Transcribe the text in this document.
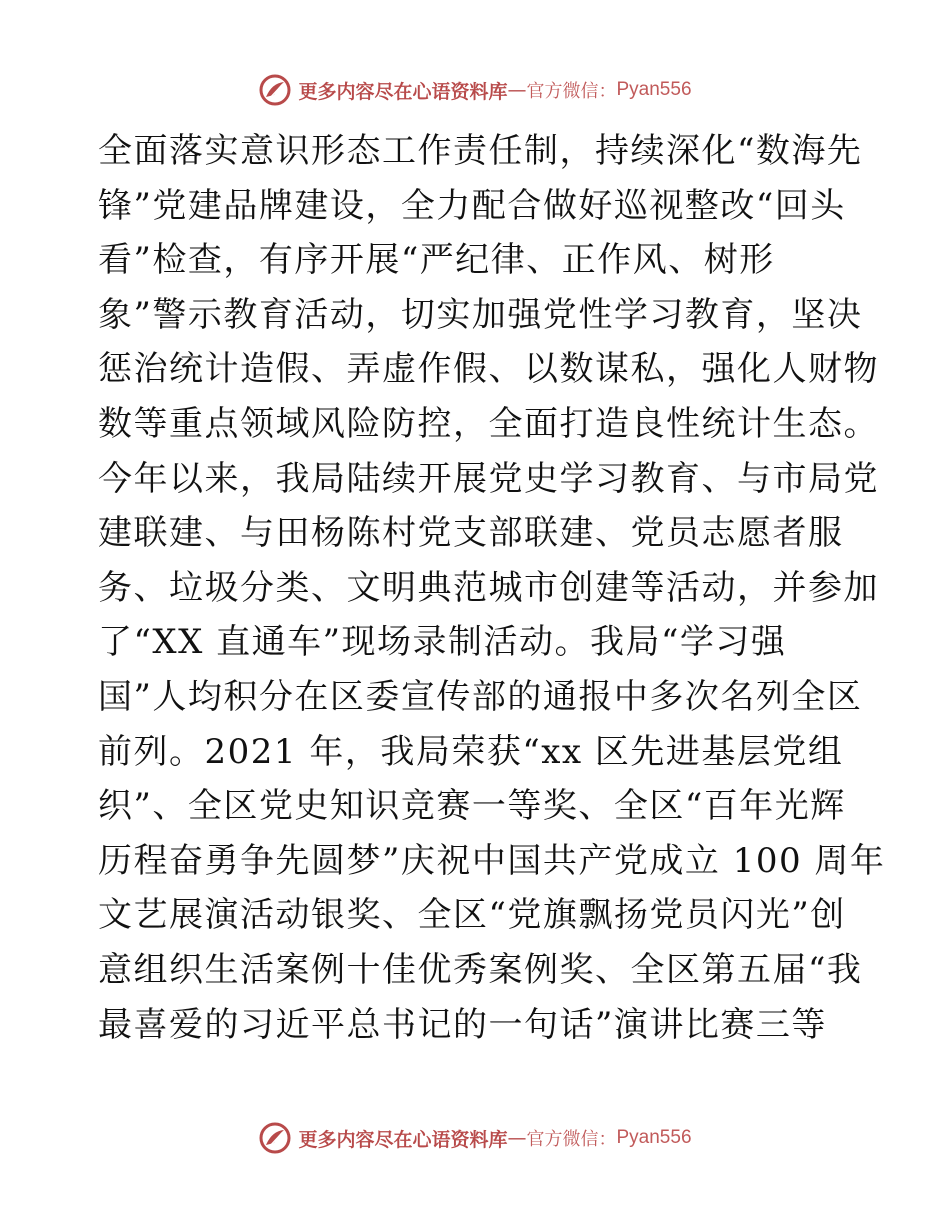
更多内容尽在心语资料库 — 官方微信： Pyan556
全面落实意识形态工作责任制，持续深化“数海先
锋”党建品牌建设，全力配合做好巡视整改“回头
看”检查，有序开展“严纪律、正作风、树形
象”警示教育活动，切实加强党性学习教育，坚决
惩治统计造假、弄虚作假、以数谋私，强化人财物
数等重点领域风险防控，全面打造良性统计生态。
今年以来，我局陆续开展党史学习教育、与市局党
建联建、与田杨陈村党支部联建、党员志愿者服
务、垃圾分类、文明典范城市创建等活动，并参加
了“XX 直通车”现场录制活动。我局“学习强
国”人均积分在区委宣传部的通报中多次名列全区
前列。2021 年，我局荣获“xx 区先进基层党组
织”、全区党史知识竞赛一等奖、全区“百年光辉
历程奋勇争先圆梦”庆祝中国共产党成立 100 周年
文艺展演活动银奖、全区“党旗飘扬党员闪光”创
意组织生活案例十佳优秀案例奖、全区第五届“我
最喜爱的习近平总书记的一句话”演讲比赛三等
更多内容尽在心语资料库 — 官方微信： Pyan556
